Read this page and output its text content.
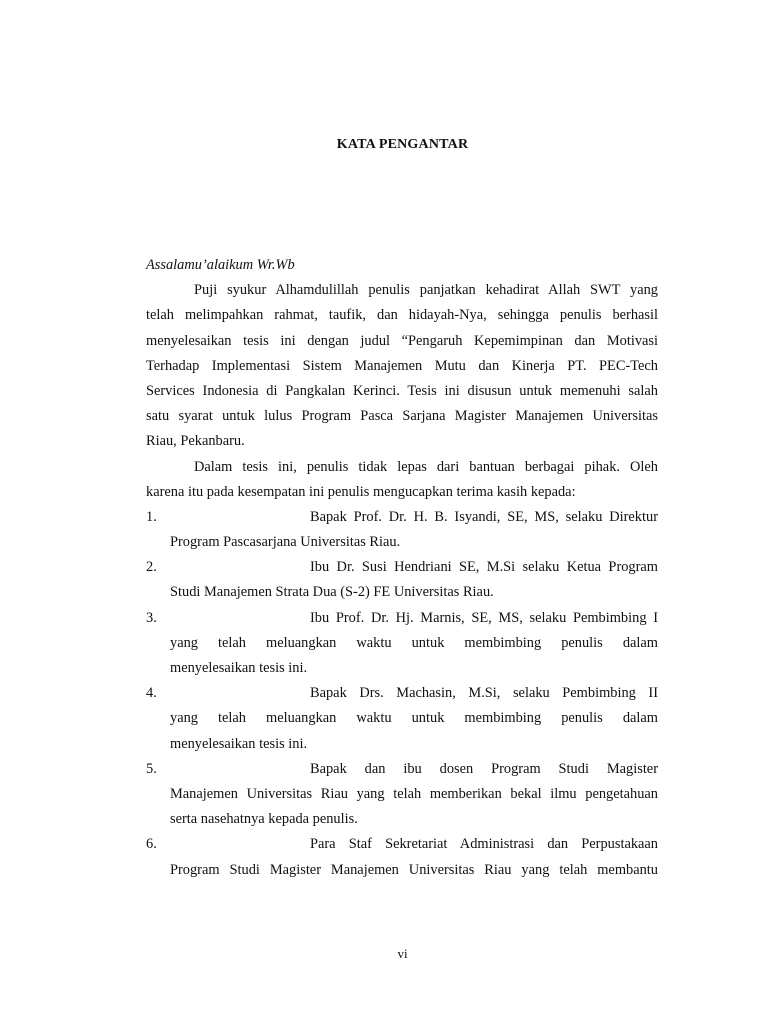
KATA PENGANTAR
Assalamu’alaikum Wr.Wb
Puji syukur Alhamdulillah penulis panjatkan kehadirat Allah SWT yang
telah melimpahkan rahmat, taufik, dan hidayah-Nya, sehingga penulis berhasil
menyelesaikan tesis ini dengan judul “Pengaruh Kepemimpinan dan Motivasi
Terhadap Implementasi Sistem Manajemen Mutu dan Kinerja PT. PEC-Tech
Services Indonesia di Pangkalan Kerinci. Tesis ini disusun untuk memenuhi salah
satu syarat untuk lulus Program Pasca Sarjana Magister Manajemen Universitas
Riau, Pekanbaru.
Dalam tesis ini, penulis tidak lepas dari bantuan berbagai pihak. Oleh
karena itu pada kesempatan ini penulis mengucapkan terima kasih kepada:
1.	Bapak Prof. Dr. H. B. Isyandi, SE, MS, selaku Direktur
Program Pascasarjana Universitas Riau.
2.	Ibu Dr. Susi Hendriani SE, M.Si selaku Ketua Program
Studi Manajemen Strata Dua (S-2) FE Universitas Riau.
3.	Ibu Prof. Dr. Hj. Marnis, SE, MS, selaku Pembimbing I
yang telah meluangkan waktu untuk membimbing penulis dalam
menyelesaikan tesis ini.
4.	Bapak Drs. Machasin, M.Si, selaku Pembimbing II
yang telah meluangkan waktu untuk membimbing penulis dalam
menyelesaikan tesis ini.
5.	Bapak dan ibu dosen Program Studi Magister
Manajemen Universitas Riau yang telah memberikan bekal ilmu pengetahuan
serta nasehatnya kepada penulis.
6.	Para Staf Sekretariat Administrasi dan Perpustakaan
Program Studi Magister Manajemen Universitas Riau yang telah membantu
vi
